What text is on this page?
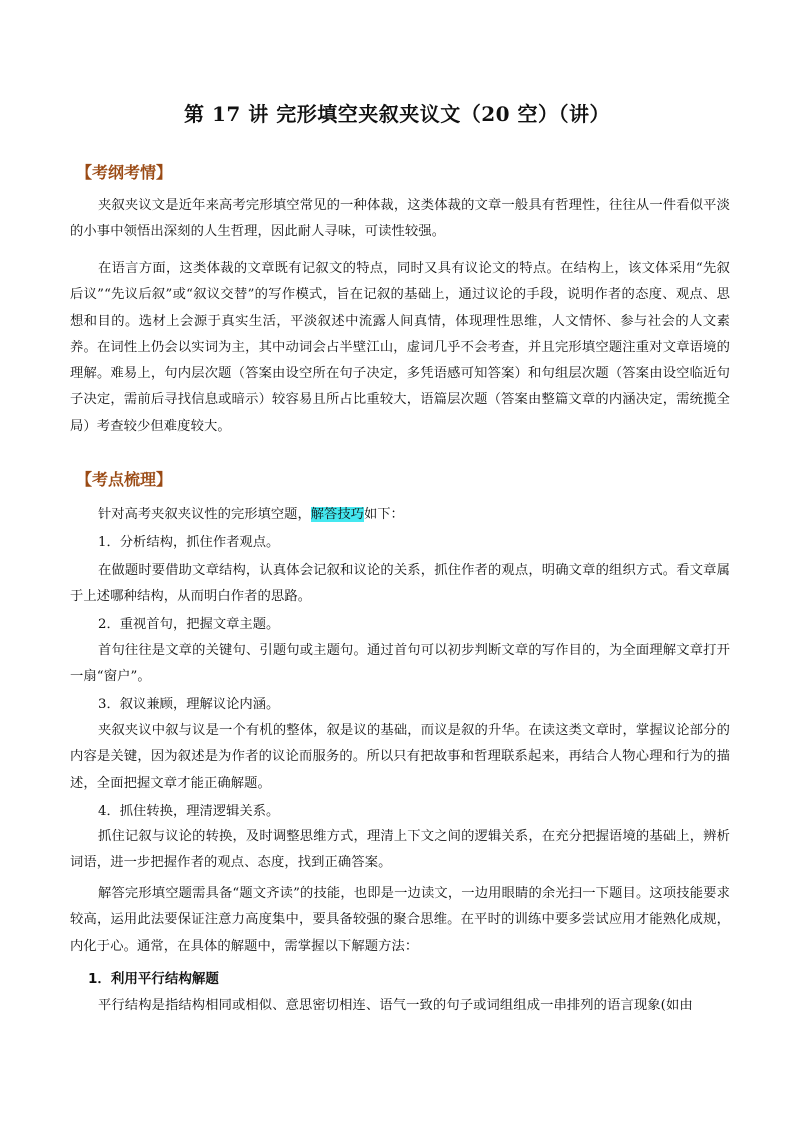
第 17 讲 完形填空夹叙夹议文（20 空）（讲）
【考纲考情】
夹叙夹议文是近年来高考完形填空常见的一种体裁，这类体裁的文章一般具有哲理性，往往从一件看似平淡的小事中领悟出深刻的人生哲理，因此耐人寻味，可读性较强。
在语言方面，这类体裁的文章既有记叙文的特点，同时又具有议论文的特点。在结构上，该文体采用“先叙后议”“先议后叙”或“叙议交替”的写作模式，旨在记叙的基础上，通过议论的手段，说明作者的态度、观点、思想和目的。选材上会源于真实生活，平淡叙述中流露人间真情，体现理性思维，人文情怀、参与社会的人文素养。在词性上仍会以实词为主，其中动词会占半壁江山，虚词几乎不会考查，并且完形填空题注重对文章语境的理解。难易上，句内层次题（答案由设空所在句子决定，多凭语感可知答案）和句组层次题（答案由设空临近句子决定，需前后寻找信息或暗示）较容易且所占比重较大，语篇层次题（答案由整篇文章的内涵决定，需统揽全局）考查较少但难度较大。
【考点梳理】
针对高考夹叙夹议性的完形填空题，解答技巧如下：
1．分析结构，抓住作者观点。
在做题时要借助文章结构，认真体会记叙和议论的关系，抓住作者的观点，明确文章的组织方式。看文章属于上述哪种结构，从而明白作者的思路。
2．重视首句，把握文章主题。
首句往往是文章的关键句、引题句或主题句。通过首句可以初步判断文章的写作目的，为全面理解文章打开一扇“窗户”。
3．叙议兼顾，理解议论内涵。
夹叙夹议中叙与议是一个有机的整体，叙是议的基础，而议是叙的升华。在读这类文章时，掌握议论部分的内容是关键，因为叙述是为作者的议论而服务的。所以只有把故事和哲理联系起来，再结合人物心理和行为的描述，全面把握文章才能正确解题。
4．抓住转换，理清逻辑关系。
抓住记叙与议论的转换，及时调整思维方式，理清上下文之间的逻辑关系，在充分把握语境的基础上，辨析词语，进一步把握作者的观点、态度，找到正确答案。
解答完形填空题需具备“题文齐读”的技能，也即是一边读文，一边用眼睛的余光扫一下题目。这项技能要求较高，运用此法要保证注意力高度集中，要具备较强的聚合思维。在平时的训练中要多尝试应用才能熟化成规，内化于心。通常，在具体的解题中，需掌握以下解题方法：
1．利用平行结构解题
平行结构是指结构相同或相似、意思密切相连、语气一致的句子或词组组成一串排列的语言现象(如由
